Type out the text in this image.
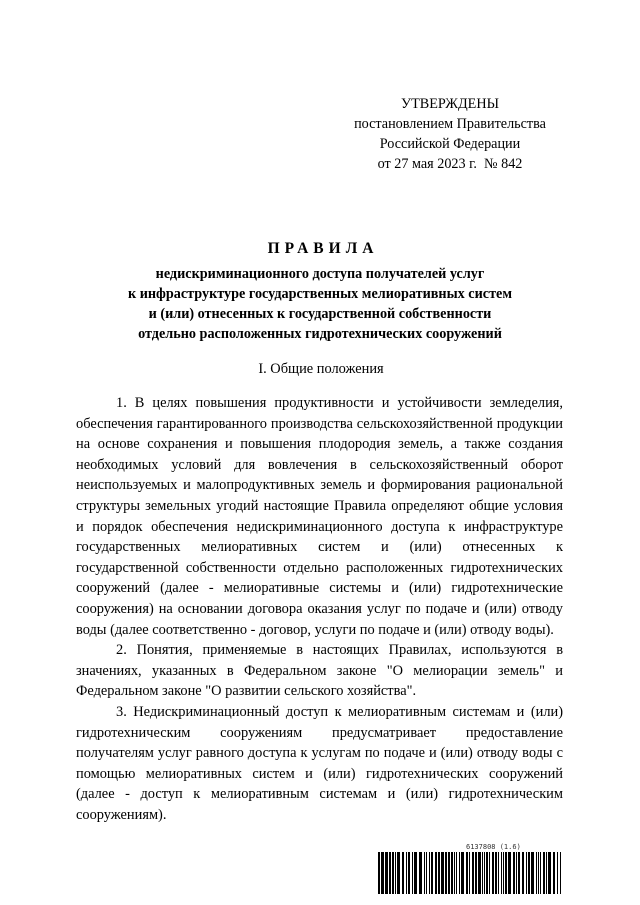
УТВЕРЖДЕНЫ
постановлением Правительства
Российской Федерации
от 27 мая 2023 г.  № 842
ПРАВИЛА
недискриминационного доступа получателей услуг
к инфраструктуре государственных мелиоративных систем
и (или) отнесенных к государственной собственности
отдельно расположенных гидротехнических сооружений
I. Общие положения

1. В целях повышения продуктивности и устойчивости земледелия, обеспечения гарантированного производства сельскохозяйственной продукции на основе сохранения и повышения плодородия земель, а также создания необходимых условий для вовлечения в сельскохозяйственный оборот неиспользуемых и малопродуктивных земель и формирования рациональной структуры земельных угодий настоящие Правила определяют общие условия и порядок обеспечения недискриминационного доступа к инфраструктуре государственных мелиоративных систем и (или) отнесенных к государственной собственности отдельно расположенных гидротехнических сооружений (далее - мелиоративные системы и (или) гидротехнические сооружения) на основании договора оказания услуг по подаче и (или) отводу воды (далее соответственно - договор, услуги по подаче и (или) отводу воды).

2. Понятия, применяемые в настоящих Правилах, используются в значениях, указанных в Федеральном законе "О мелиорации земель" и Федеральном законе "О развитии сельского хозяйства".

3. Недискриминационный доступ к мелиоративным системам и (или) гидротехническим сооружениям предусматривает предоставление получателям услуг равного доступа к услугам по подаче и (или) отводу воды с помощью мелиоративных систем и (или) гидротехнических сооружений (далее - доступ к мелиоративным системам и (или) гидротехническим сооружениям).

6137808 (1.6)
